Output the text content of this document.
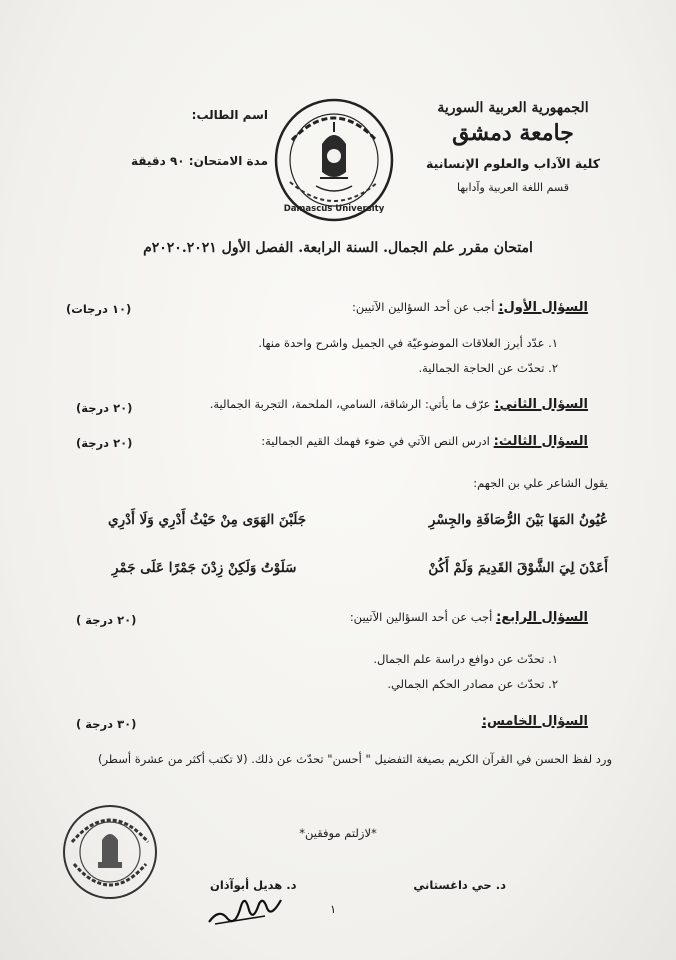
الجمهورية العربية السورية
جامعة دمشق
كلية الآداب والعلوم الإنسانية
قسم اللغة العربية وآدابها
اسم الطالب:
مدة الامتحان: ٩٠ دقيقة
Damascus University
امتحان مقرر علم الجمال. السنة الرابعة. الفصل الأول ٢٠٢٠.٢٠٢١م
السؤال الأول: أجب عن أحد السؤالين الآتيين:
(١٠ درجات)
١. عدّد أبرز العلاقات الموضوعيّة في الجميل واشرح واحدة منها.
٢. تحدّث عن الحاجة الجمالية.
السؤال الثاني: عرّف ما يأتي: الرشاقة، السامي، الملحمة، التجربة الجمالية.
(٢٠ درجة)
السؤال الثالث: ادرس النص الآتي في ضوء فهمك القيم الجمالية:
(٢٠ درجة)
يقول الشاعر علي بن الجهم:
عُيُونُ المَهَا بَيْنَ الرُّصَافَةِ والجِسْرِ
جَلَبْنَ الهَوَى مِنْ حَيْثُ أَدْرِي وَلَا أَدْرِي
أَعَدْنَ لِيَ الشَّوْقَ القَدِيمَ وَلَمْ أَكُنْ
سَلَوْتُ وَلَكِنْ زِدْنَ جَمْرًا عَلَى جَمْرِ
السؤال الرابع: أجب عن أحد السؤالين الآتيين:
( ٢٠ درجة)
١. تحدّث عن دوافع دراسة علم الجمال.
٢. تحدّث عن مصادر الحكم الجمالي.
السؤال الخامس:
( ٣٠ درجة)
ورد لفظ الحسن في القرآن الكريم بصيغة التفضيل " أحسن" تحدّث عن ذلك. (لا تكتب أكثر من عشرة أسطر)
*لازلتم موفقين*
د. حي داغستاني
د. هديل أبوآذان
١
